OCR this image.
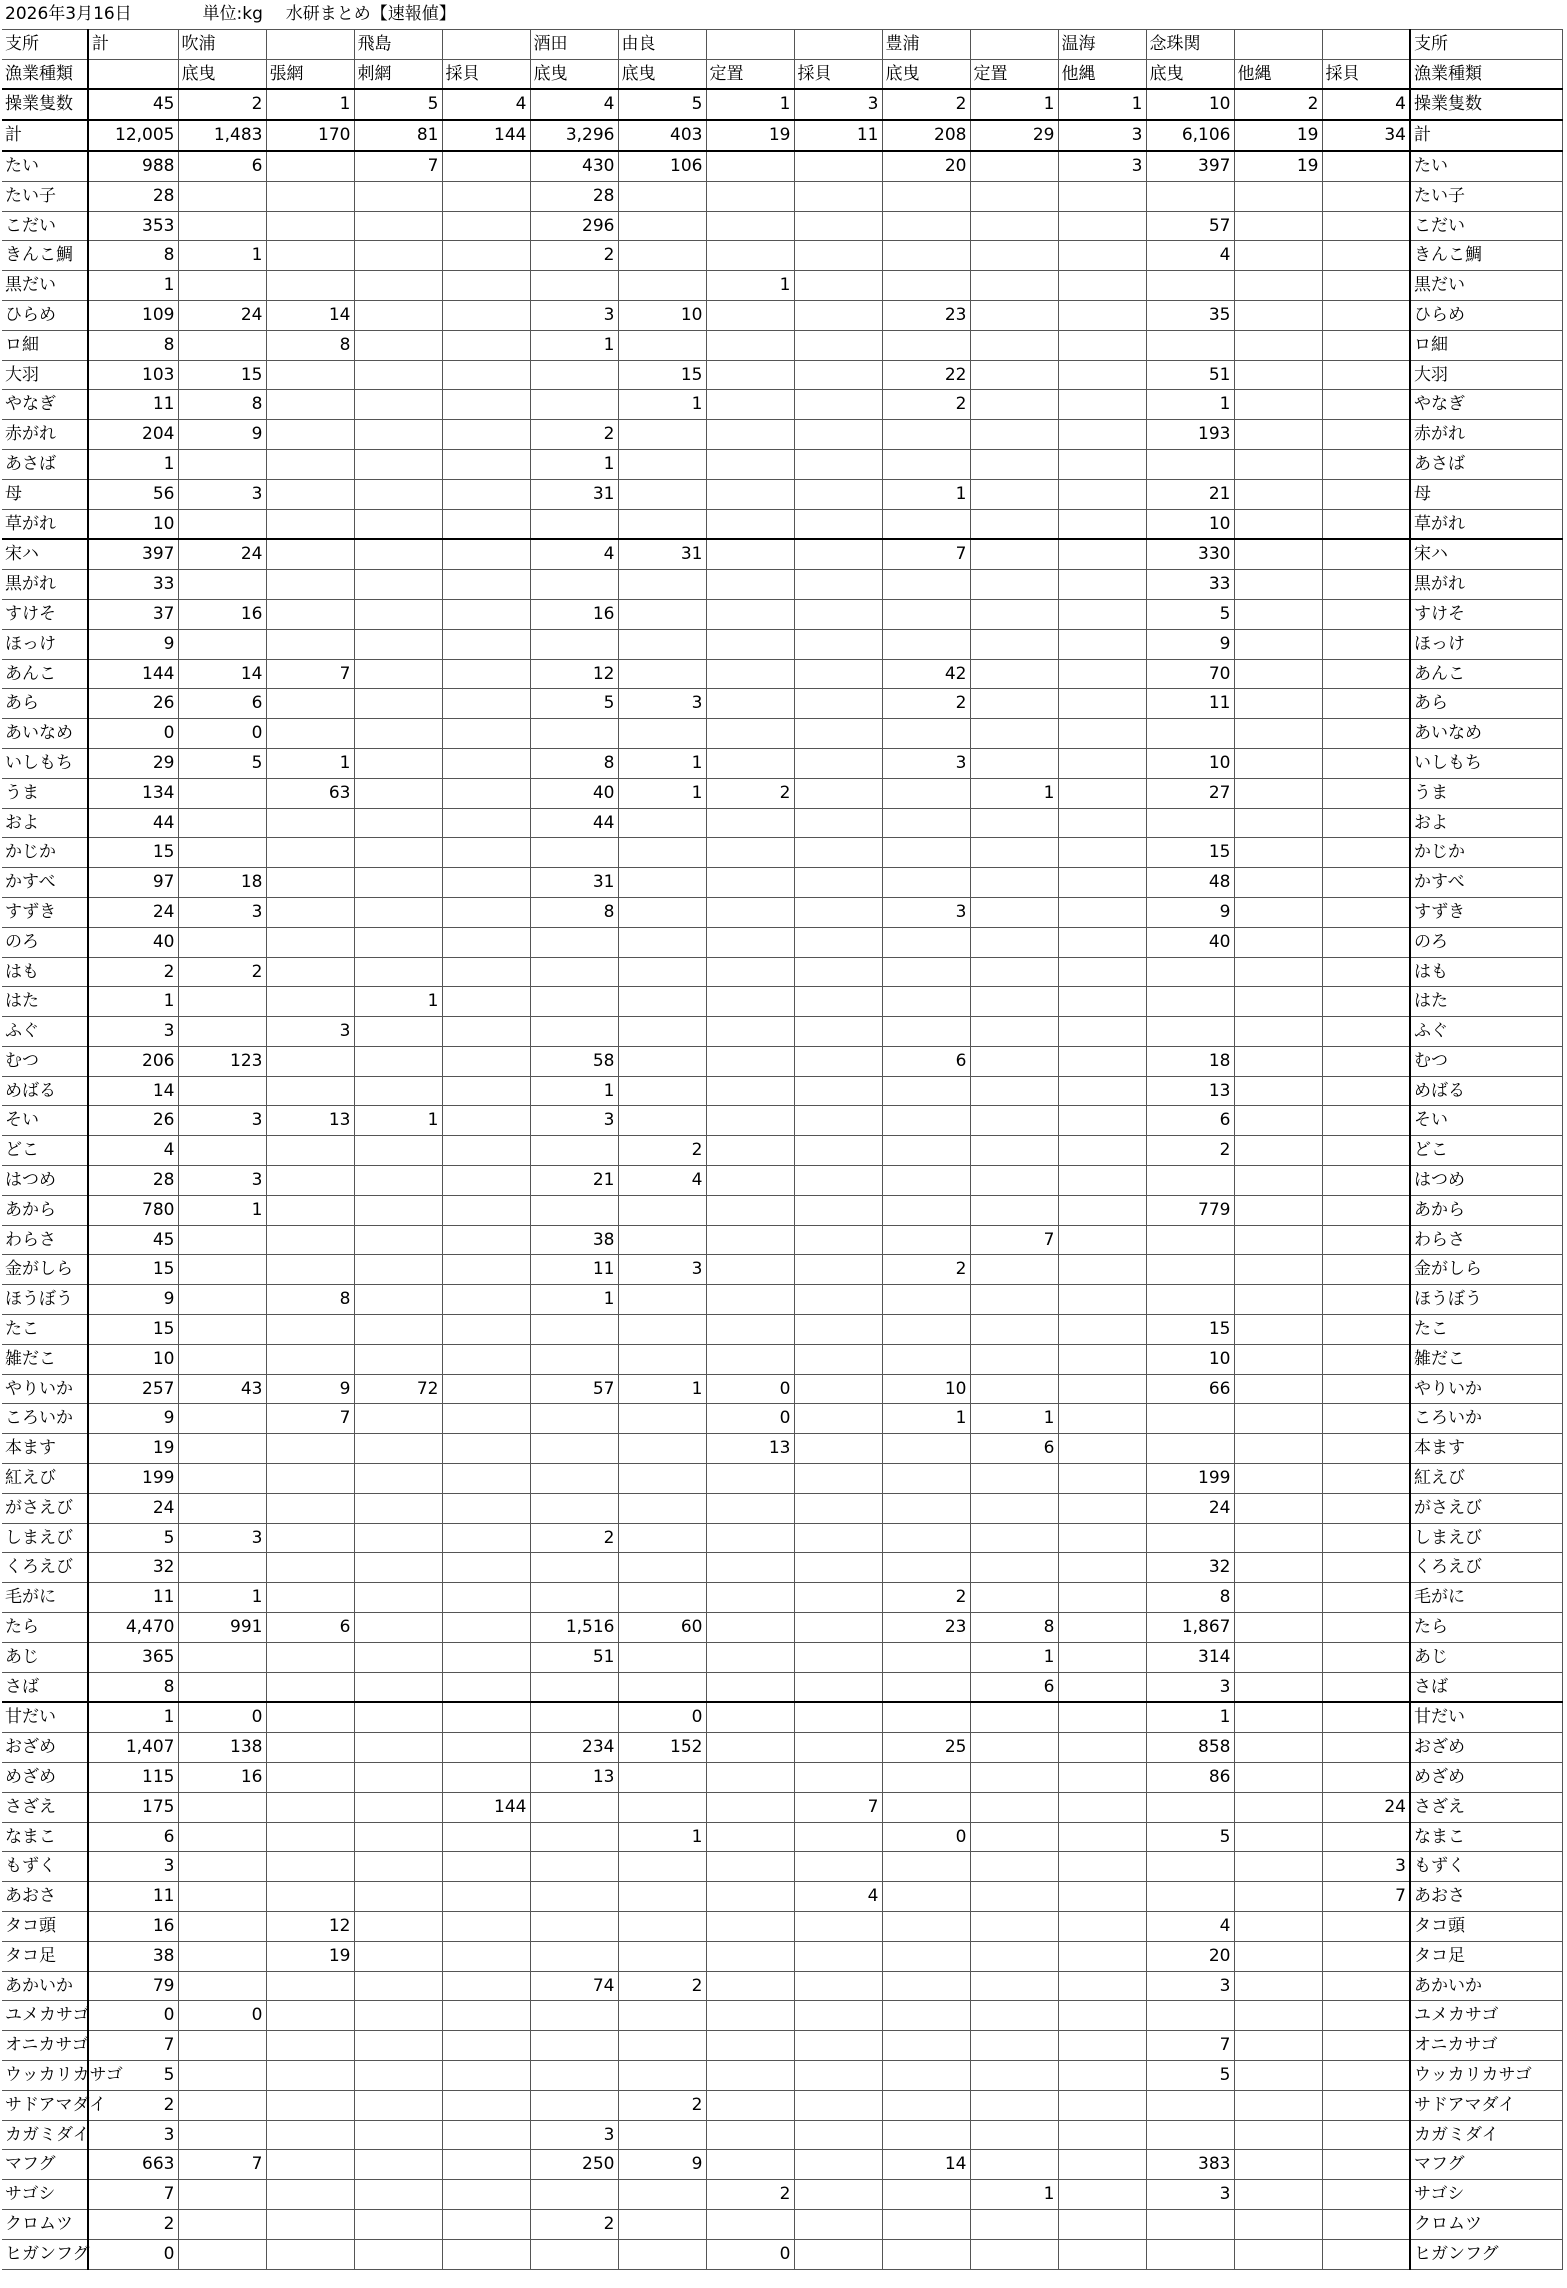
2026年3月16日 単位:kg 水研まとめ【速報値】																
支所	計	吹浦		飛島		酒田	由良			豊浦		温海	念珠関			支所
漁業種類		底曳	張網	刺網	採貝	底曳	底曳	定置	採貝	底曳	定置	他縄	底曳	他縄	採貝	漁業種類
操業隻数	45	2	1	5	4	4	5	1	3	2	1	1	10	2	4	操業隻数
計	12,005	1,483	170	81	144	3,296	403	19	11	208	29	3	6,106	19	34	計
たい	988	6		7		430	106			20		3	397	19		たい
たい子	28					28										たい子
こだい	353					296							57			こだい
きんこ鯛	8	1				2							4			きんこ鯛
黒だい	1							1								黒だい
ひらめ	109	24	14			3	10			23			35			ひらめ
ロ細	8		8			1										ロ細
大羽	103	15					15			22			51			大羽
やなぎ	11	8					1			2			1			やなぎ
赤がれ	204	9				2							193			赤がれ
あさば	1					1										あさば
母	56	3				31				1			21			母
草がれ	10												10			草がれ
宋ハ	397	24				4	31			7			330			宋ハ
黒がれ	33												33			黒がれ
すけそ	37	16				16							5			すけそ
ほっけ	9												9			ほっけ
あんこ	144	14	7			12				42			70			あんこ
あら	26	6				5	3			2			11			あら
あいなめ	0	0														あいなめ
いしもち	29	5	1			8	1			3			10			いしもち
うま	134		63			40	1	2			1		27			うま
およ	44					44										およ
かじか	15												15			かじか
かすべ	97	18				31							48			かすべ
すずき	24	3				8				3			9			すずき
のろ	40												40			のろ
はも	2	2														はも
はた	1			1												はた
ふぐ	3		3													ふぐ
むつ	206	123				58				6			18			むつ
めばる	14					1							13			めばる
そい	26	3	13	1		3							6			そい
どこ	4						2						2			どこ
はつめ	28	3				21	4									はつめ
あから	780	1											779			あから
わらさ	45					38					7					わらさ
金がしら	15					11	3			2						金がしら
ほうぼう	9		8			1										ほうぼう
たこ	15												15			たこ
雑だこ	10												10			雑だこ
やりいか	257	43	9	72		57	1	0		10			66			やりいか
ころいか	9		7					0		1	1					ころいか
本ます	19							13			6					本ます
紅えび	199												199			紅えび
がさえび	24												24			がさえび
しまえび	5	3				2										しまえび
くろえび	32												32			くろえび
毛がに	11	1								2			8			毛がに
たら	4,470	991	6			1,516	60			23	8		1,867			たら
あじ	365					51					1		314			あじ
さば	8										6		3			さば
甘だい	1	0					0						1			甘だい
おざめ	1,407	138				234	152			25			858			おざめ
めざめ	115	16				13							86			めざめ
さざえ	175				144				7						24	さざえ
なまこ	6						1			0			5			なまこ
もずく	3														3	もずく
あおさ	11								4						7	あおさ
タコ頭	16		12										4			タコ頭
タコ足	38		19										20			タコ足
あかいか	79					74	2						3			あかいか
ユメカサゴ	0	0														ユメカサゴ
オニカサゴ	7												7			オニカサゴ
ウッカリカサゴ	5												5			ウッカリカサゴ
サドアマダイ	2						2									サドアマダイ
カガミダイ	3					3										カガミダイ
マフグ	663	7				250	9			14			383			マフグ
サゴシ	7							2			1		3			サゴシ
クロムツ	2					2										クロムツ
ヒガンフグ	0							0								ヒガンフグ
